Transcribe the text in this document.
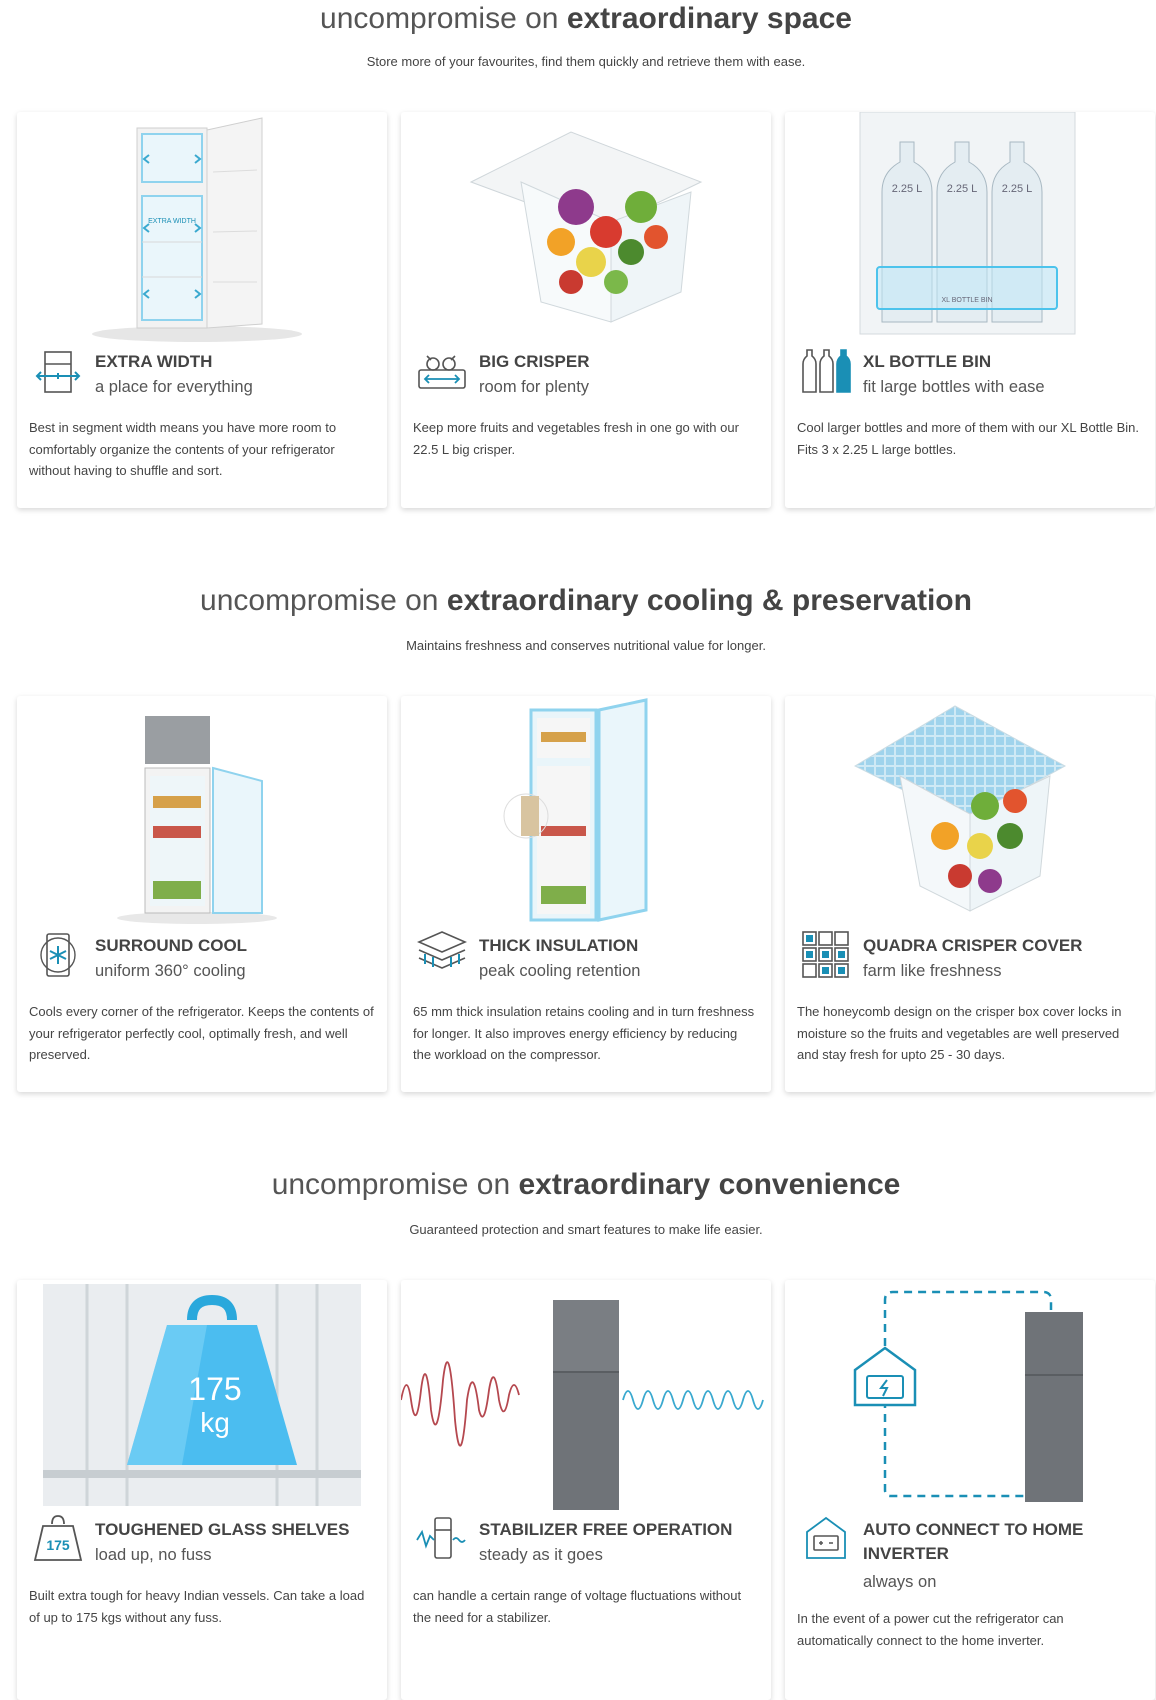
uncompromise on extraordinary space

Store more of your favourites, find them quickly and retrieve them with ease.

EXTRA WIDTH
EXTRA WIDTH
a place for everything
Best in segment width means you have more room to comfortably organize the contents of your refrigerator without having to shuffle and sort.
BIG CRISPER
room for plenty
Keep more fruits and vegetables fresh in one go with our 22.5 L big crisper.
2.25 L 2.25 L 2.25 L
XL BOTTLE BIN
XL BOTTLE BIN
fit large bottles with ease
Cool larger bottles and more of them with our XL Bottle Bin. Fits 3 x 2.25 L large bottles.
uncompromise on extraordinary cooling & preservation

Maintains freshness and conserves nutritional value for longer.

SURROUND COOL
uniform 360° cooling
Cools every corner of the refrigerator. Keeps the contents of your refrigerator perfectly cool, optimally fresh, and well preserved.
THICK INSULATION
peak cooling retention
65 mm thick insulation retains cooling and in turn freshness for longer. It also improves energy efficiency by reducing the workload on the compressor.
QUADRA CRISPER COVER
farm like freshness
The honeycomb design on the crisper box cover locks in moisture so the fruits and vegetables are well preserved and stay fresh for upto 25 - 30 days.
uncompromise on extraordinary convenience

Guaranteed protection and smart features to make life easier.

175
kg
175
TOUGHENED GLASS SHELVES
load up, no fuss
Built extra tough for heavy Indian vessels. Can take a load of up to 175 kgs without any fuss.
STABILIZER FREE OPERATION
steady as it goes
can handle a certain range of voltage fluctuations without the need for a stabilizer.
AUTO CONNECT TO HOME INVERTER
always on
In the event of a power cut the refrigerator can automatically connect to the home inverter.
